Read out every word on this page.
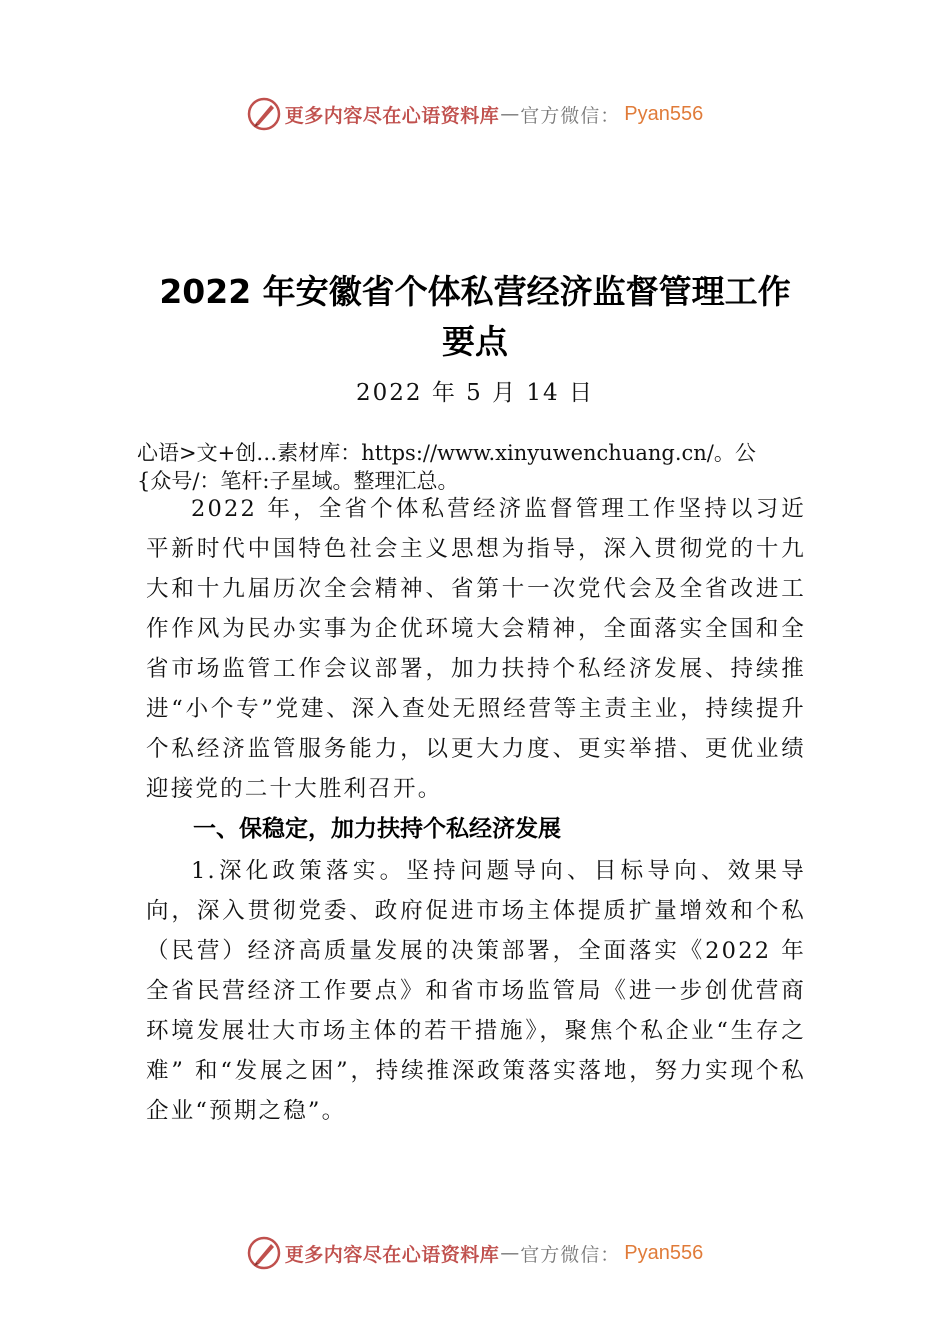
更多内容尽在心语资料库 — 官方微信： Pyan556
2022 年安徽省个体私营经济监督管理工作
要点
2022 年 5 月 14 日
心语>文+创…素材库：https://www.xinyuwenchuang.cn/。公
{众号/：笔杆:子星域。整理汇总。

2022 年，全省个体私营经济监督管理工作坚持以习近平新时代中国特色社会主义思想为指导，深入贯彻党的十九大和十九届历次全会精神、省第十一次党代会及全省改进工作作风为民办实事为企优环境大会精神，全面落实全国和全省市场监管工作会议部署，加力扶持个私经济发展、持续推进“小个专”党建、深入查处无照经营等主责主业，持续提升个私经济监管服务能力，以更大力度、更实举措、更优业绩迎接党的二十大胜利召开。

一、保稳定，加力扶持个私经济发展

1.深化政策落实。坚持问题导向、目标导向、效果导向，深入贯彻党委、政府促进市场主体提质扩量增效和个私（民营）经济高质量发展的决策部署，全面落实《2022 年全省民营经济工作要点》和省市场监管局《进一步创优营商环境发展壮大市场主体的若干措施》，聚焦个私企业“生存之难” 和“发展之困”，持续推深政策落实落地，努力实现个私企业“预期之稳”。

更多内容尽在心语资料库 — 官方微信： Pyan556
